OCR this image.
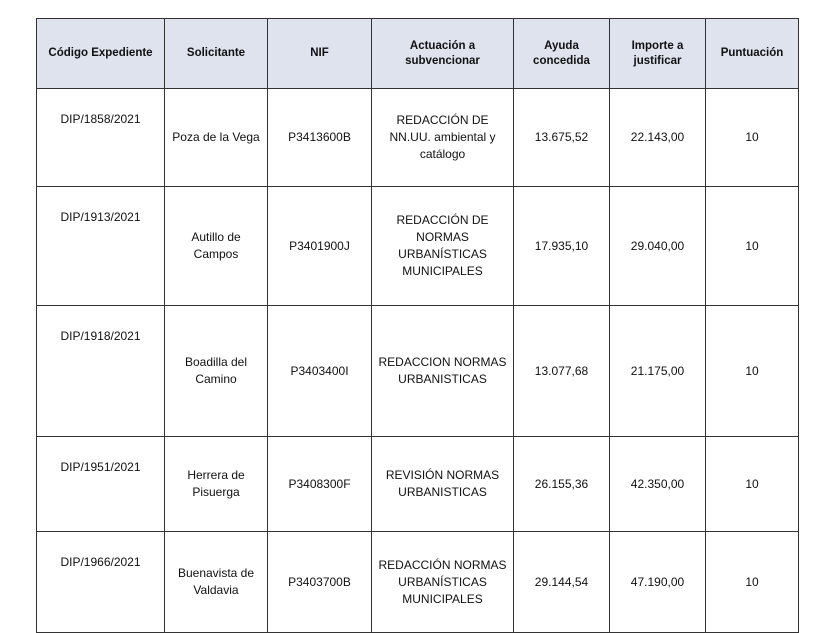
Código Expediente	Solicitante	NIF	Actuación a subvencionar	Ayuda concedida	Importe a justificar	Puntuación
DIP/1858/2021	Poza de la Vega	P3413600B	REDACCIÓN DE NN.UU. ambiental y catálogo	13.675,52	22.143,00	10
DIP/1913/2021	Autillo de Campos	P3401900J	REDACCIÓN DE NORMAS URBANÍSTICAS MUNICIPALES	17.935,10	29.040,00	10
DIP/1918/2021	Boadilla del Camino	P3403400I	REDACCION NORMAS URBANISTICAS	13.077,68	21.175,00	10
DIP/1951/2021	Herrera de Pisuerga	P3408300F	REVISIÓN NORMAS URBANISTICAS	26.155,36	42.350,00	10
DIP/1966/2021	Buenavista de Valdavia	P3403700B	REDACCIÓN NORMAS URBANÍSTICAS MUNICIPALES	29.144,54	47.190,00	10
